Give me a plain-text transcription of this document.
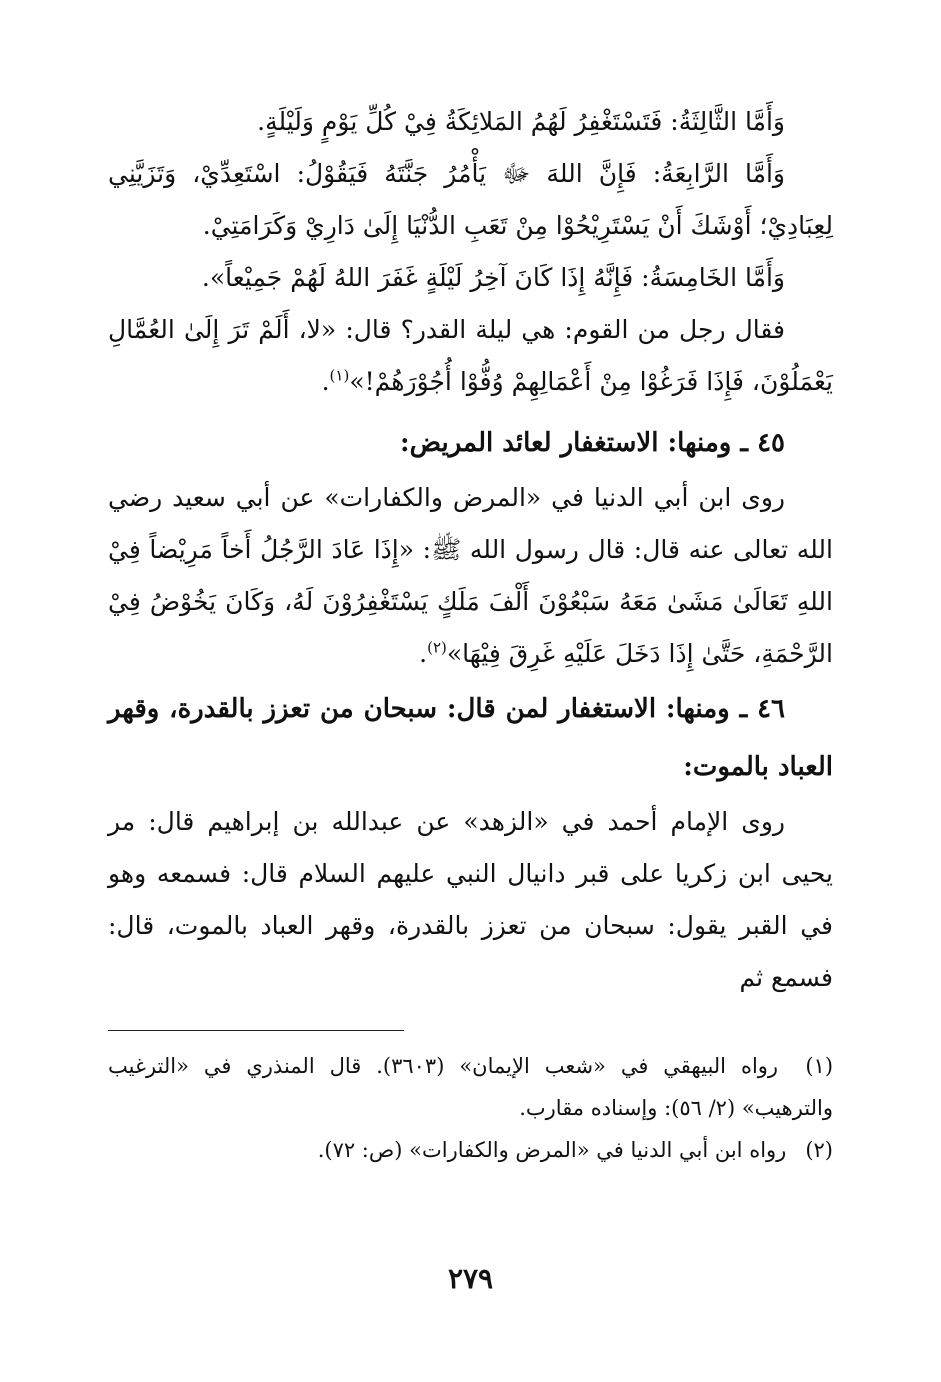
وَأَمَّا الثَّالِثَةُ: فَتَسْتَغْفِرُ لَهُمُ المَلائِكَةُ فِيْ كُلِّ يَوْمٍ وَلَيْلَةٍ.

وَأَمَّا الرَّابِعَةُ: فَإِنَّ اللهَ ﷻ يَأْمُرُ جَنَّتَهُ فَيَقُوْلُ: اسْتَعِدِّيْ، وَتَزَيَّنِي لِعِبَادِيْ؛ أَوْشَكَ أَنْ يَسْتَرِيْحُوْا مِنْ تَعَبِ الدُّنْيَا إِلَىٰ دَارِيْ وَكَرَامَتِيْ.

وَأَمَّا الخَامِسَةُ: فَإِنَّهُ إِذَا كَانَ آخِرُ لَيْلَةٍ غَفَرَ اللهُ لَهُمْ جَمِيْعاً».

فقال رجل من القوم: هي ليلة القدر؟ قال: «لا، أَلَمْ تَرَ إِلَىٰ العُمَّالِ يَعْمَلُوْنَ، فَإِذَا فَرَغُوْا مِنْ أَعْمَالِهِمْ وُفُّوْا أُجُوْرَهُمْ!»$^{(١)}$.

٤٥ ـ ومنها: الاستغفار لعائد المريض:

روى ابن أبي الدنيا في «المرض والكفارات» عن أبي سعيد رضي الله تعالى عنه قال: قال رسول الله ﷺ: «إِذَا عَادَ الرَّجُلُ أَخاً مَرِيْضاً فِيْ اللهِ تَعَالَىٰ مَشَىٰ مَعَهُ سَبْعُوْنَ أَلْفَ مَلَكٍ يَسْتَغْفِرُوْنَ لَهُ، وَكَانَ يَخُوْضُ فِيْ الرَّحْمَةِ، حَتَّىٰ إِذَا دَخَلَ عَلَيْهِ غَرِقَ فِيْهَا»$^{(٢)}$.

٤٦ ـ ومنها: الاستغفار لمن قال: سبحان من تعزز بالقدرة، وقهر العباد بالموت:

روى الإمام أحمد في «الزهد» عن عبدالله بن إبراهيم قال: مر يحيى ابن زكريا على قبر دانيال النبي عليهم السلام قال: فسمعه وهو في القبر يقول: سبحان من تعزز بالقدرة، وقهر العباد بالموت، قال: فسمع ثم

(١) رواه البيهقي في «شعب الإيمان» (٣٦٠٣). قال المنذري في «الترغيب والترهيب» (٢/ ٥٦): وإسناده مقارب.

(٢) رواه ابن أبي الدنيا في «المرض والكفارات» (ص: ٧٢).

٢٧٩
